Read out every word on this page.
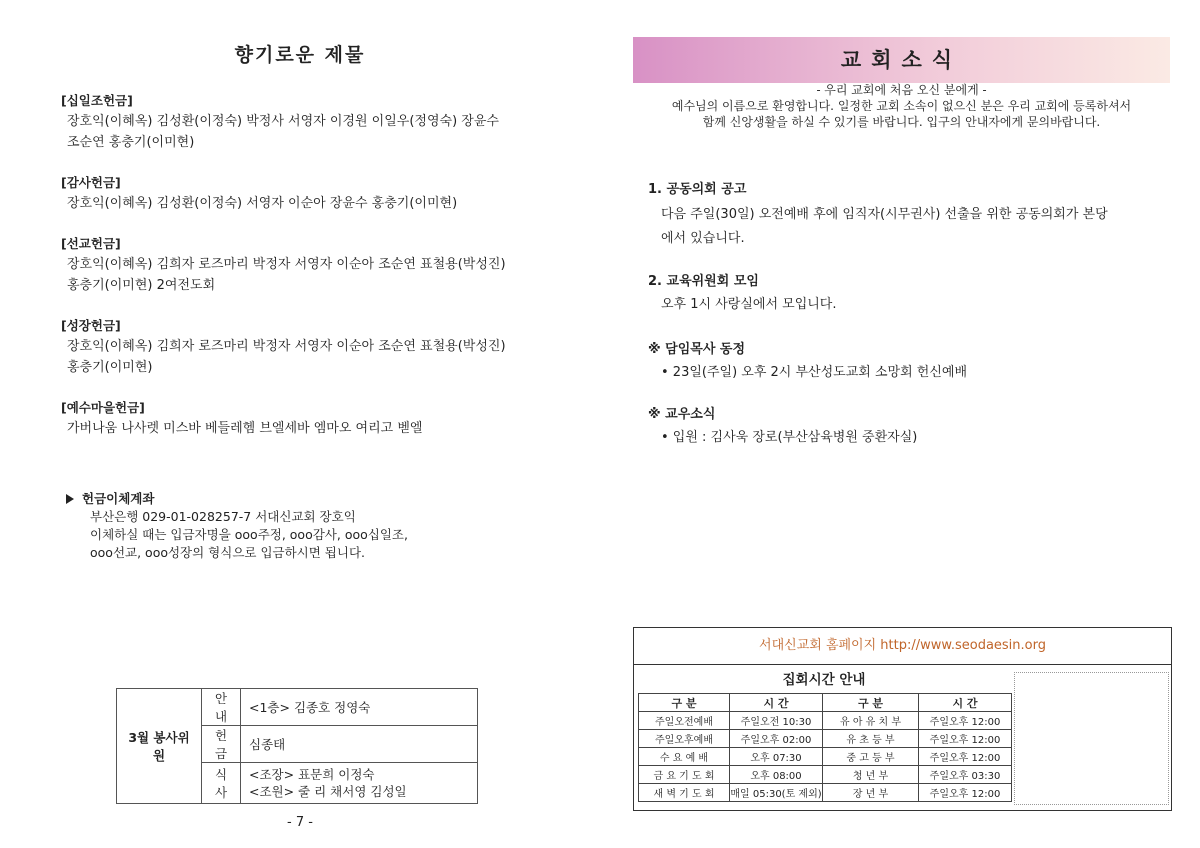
향기로운 제물
[십일조헌금]
장호익(이혜옥) 김성환(이정숙) 박정사 서영자 이경원 이일우(정영숙) 장윤수
조순연 홍충기(이미현)
[감사헌금]
장호익(이혜옥) 김성환(이정숙) 서영자 이순아 장윤수 홍충기(이미현)
[선교헌금]
장호익(이혜옥) 김희자 로즈마리 박정자 서영자 이순아 조순연 표철용(박성진)
홍충기(이미현) 2여전도회
[성장헌금]
장호익(이혜옥) 김희자 로즈마리 박정자 서영자 이순아 조순연 표철용(박성진)
홍충기(이미현)
[예수마을헌금]
가버나움 나사렛 미스바 베들레헴 브엘세바 엠마오 여리고 벧엘
헌금이체계좌
부산은행 029-01-028257-7 서대신교회 장호익
이체하실 때는 입금자명을 ooo주정, ooo감사, ooo십일조,
ooo선교, ooo성장의 형식으로 입금하시면 됩니다.
3월 봉사위원	안내	<1층> 김종호 정영숙
	헌금	심종태
	식사	<조장> 표문희 이정숙
<조원> 줄 리 채서영 김성일
- 7 -
교회소식
- 우리 교회에 처음 오신 분에게 -
예수님의 이름으로 환영합니다. 일정한 교회 소속이 없으신 분은 우리 교회에 등록하셔서
함께 신앙생활을 하실 수 있기를 바랍니다. 입구의 안내자에게 문의바랍니다.
1. 공동의회 공고
다음 주일(30일) 오전예배 후에 임직자(시무권사) 선출을 위한 공동의회가 본당
에서 있습니다.
2. 교육위원회 모임
오후 1시 사랑실에서 모입니다.
※ 담임목사 동정
• 23일(주일) 오후 2시 부산성도교회 소망회 헌신예배
※ 교우소식
• 입원 : 김사욱 장로(부산삼육병원 중환자실)
서대신교회 홈페이지 http://www.seodaesin.org
집회시간 안내
구 분	시 간	구 분	시 간
주일오전예배	주일오전 10:30	유 아 유 치 부	주일오후 12:00
주일오후예배	주일오후 02:00	유 초 등 부	주일오후 12:00
수 요 예 배	오후 07:30	중 고 등 부	주일오후 12:00
금 요 기 도 회	오후 08:00	청 년 부	주일오후 03:30
새 벽 기 도 회	매일 05:30(토 제외)	장 년 부	주일오후 12:00
